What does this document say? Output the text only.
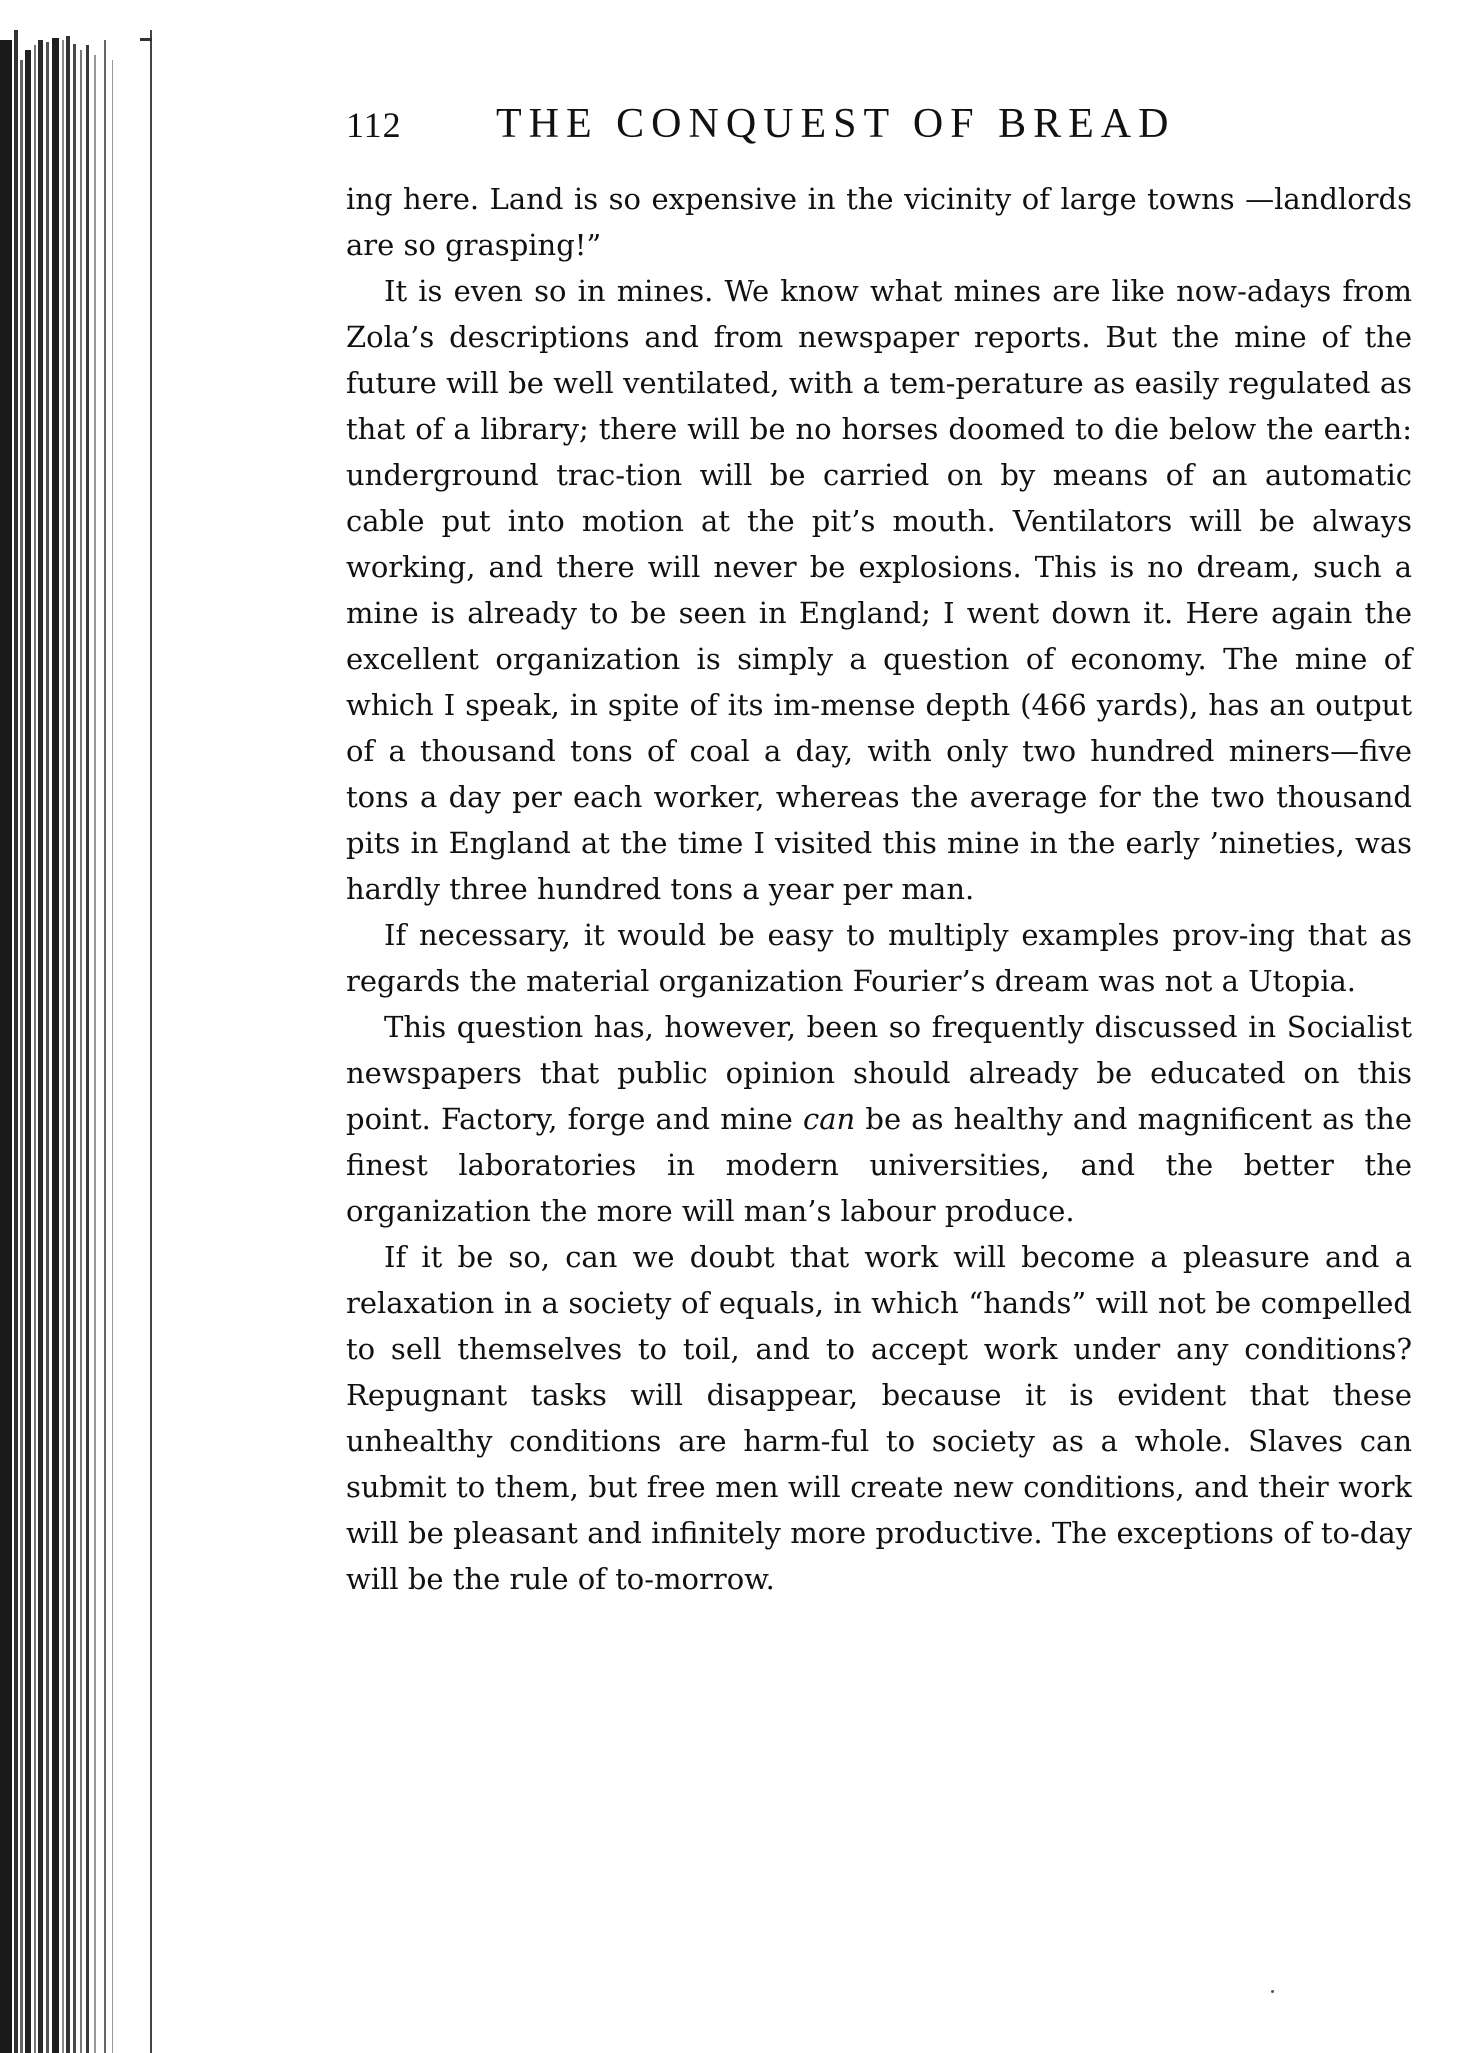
112	THE CONQUEST OF BREAD

ing here. Land is so expensive in the vicinity of large towns —landlords are so grasping!”

It is even so in mines. We know what mines are like now-adays from Zola’s descriptions and from newspaper reports. But the mine of the future will be well ventilated, with a tem-perature as easily regulated as that of a library; there will be no horses doomed to die below the earth: underground trac-tion will be carried on by means of an automatic cable put into motion at the pit’s mouth. Ventilators will be always working, and there will never be explosions. This is no dream, such a mine is already to be seen in England; I went down it. Here again the excellent organization is simply a question of economy. The mine of which I speak, in spite of its im-mense depth (466 yards), has an output of a thousand tons of coal a day, with only two hundred miners—five tons a day per each worker, whereas the average for the two thousand pits in England at the time I visited this mine in the early ’nineties, was hardly three hundred tons a year per man.

If necessary, it would be easy to multiply examples prov-ing that as regards the material organization Fourier’s dream was not a Utopia.

This question has, however, been so frequently discussed in Socialist newspapers that public opinion should already be educated on this point. Factory, forge and mine can be as healthy and magnificent as the finest laboratories in modern universities, and the better the organization the more will man’s labour produce.

If it be so, can we doubt that work will become a pleasure and a relaxation in a society of equals, in which “hands” will not be compelled to sell themselves to toil, and to accept work under any conditions? Repugnant tasks will disappear, because it is evident that these unhealthy conditions are harm-ful to society as a whole. Slaves can submit to them, but free men will create new conditions, and their work will be pleasant and infinitely more productive. The exceptions of to-day will be the rule of to-morrow.
